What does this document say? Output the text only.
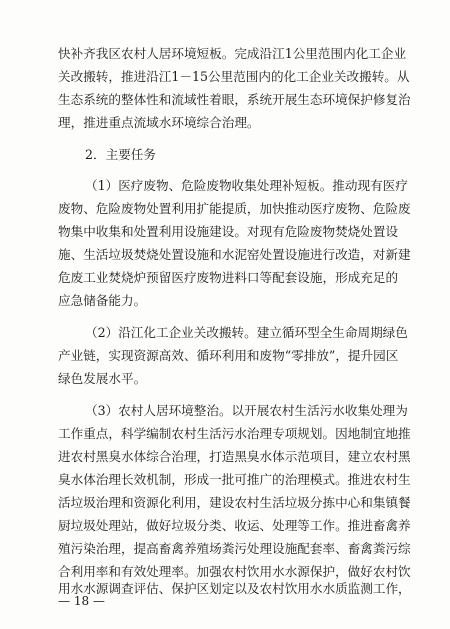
快补齐我区农村人居环境短板。完成沿江1公里范围内化工企业
关改搬转，推进沿江1－15公里范围内的化工企业关改搬转。从
生态系统的整体性和流域性着眼，系统开展生态环境保护修复治
理，推进重点流域水环境综合治理。
2．主要任务
（1）医疗废物、危险废物收集处理补短板。推动现有医疗
废物、危险废物处置利用扩能提质，加快推动医疗废物、危险废
物集中收集和处置利用设施建设。对现有危险废物焚烧处置设
施、生活垃圾焚烧处置设施和水泥窑处置设施进行改造，对新建
危废工业焚烧炉预留医疗废物进料口等配套设施，形成充足的
应急储备能力。
（2）沿江化工企业关改搬转。建立循环型全生命周期绿色
产业链，实现资源高效、循环利用和废物“零排放”，提升园区
绿色发展水平。
（3）农村人居环境整治。以开展农村生活污水收集处理为
工作重点，科学编制农村生活污水治理专项规划。因地制宜地推
进农村黑臭水体综合治理，打造黑臭水体示范项目，建立农村黑
臭水体治理长效机制，形成一批可推广的治理模式。推进农村生
活垃圾治理和资源化利用，建设农村生活垃圾分拣中心和集镇餐
厨垃圾处理站，做好垃圾分类、收运、处理等工作。推进畜禽养
殖污染治理，提高畜禽养殖场粪污处理设施配套率、畜禽粪污综
合利用率和有效处理率。加强农村饮用水水源保护，做好农村饮
用水水源调查评估、保护区划定以及农村饮用水水质监测工作，
— 18 —
